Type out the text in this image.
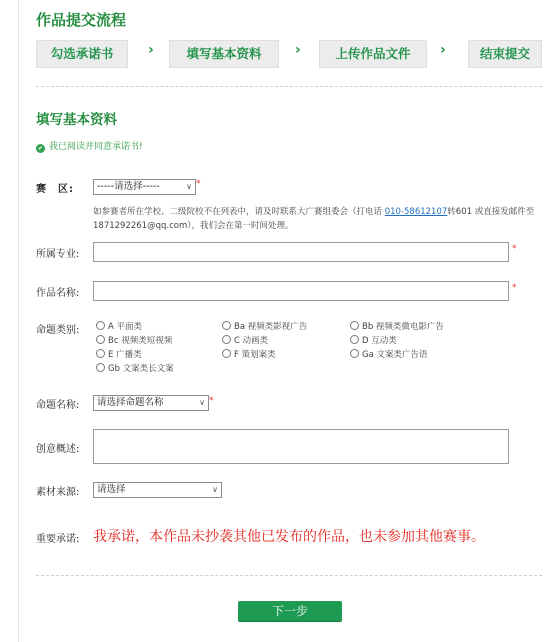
作品提交流程
勾选承诺书	›	填写基本资料	›	上传作品文件	›	结束提交
填写基本资料
✔ 我已阅读并同意承诺书!
赛　区:	-----请选择-----	∨ *
如参赛者所在学校、二级院校不在列表中，请及时联系大广赛组委会（打电话 010-58612107转601 或直接发邮件至1871292261@qq.com），我们会在第一时间处理。
所属专业:	*
作品名称:	*
命题类别:	A 平面类	Ba 视频类影视广告	Bb 视频类微电影广告
Bc 视频类短视频	C 动画类	D 互动类
E 广播类	F 策划案类	Ga 文案类广告语
Gb 文案类长文案
命题名称:	请选择命题名称	∨ *
创意概述:
素材来源:	请选择	∨
重要承诺: 我承诺，本作品未抄袭其他已发布的作品，也未参加其他赛事。
下一步
